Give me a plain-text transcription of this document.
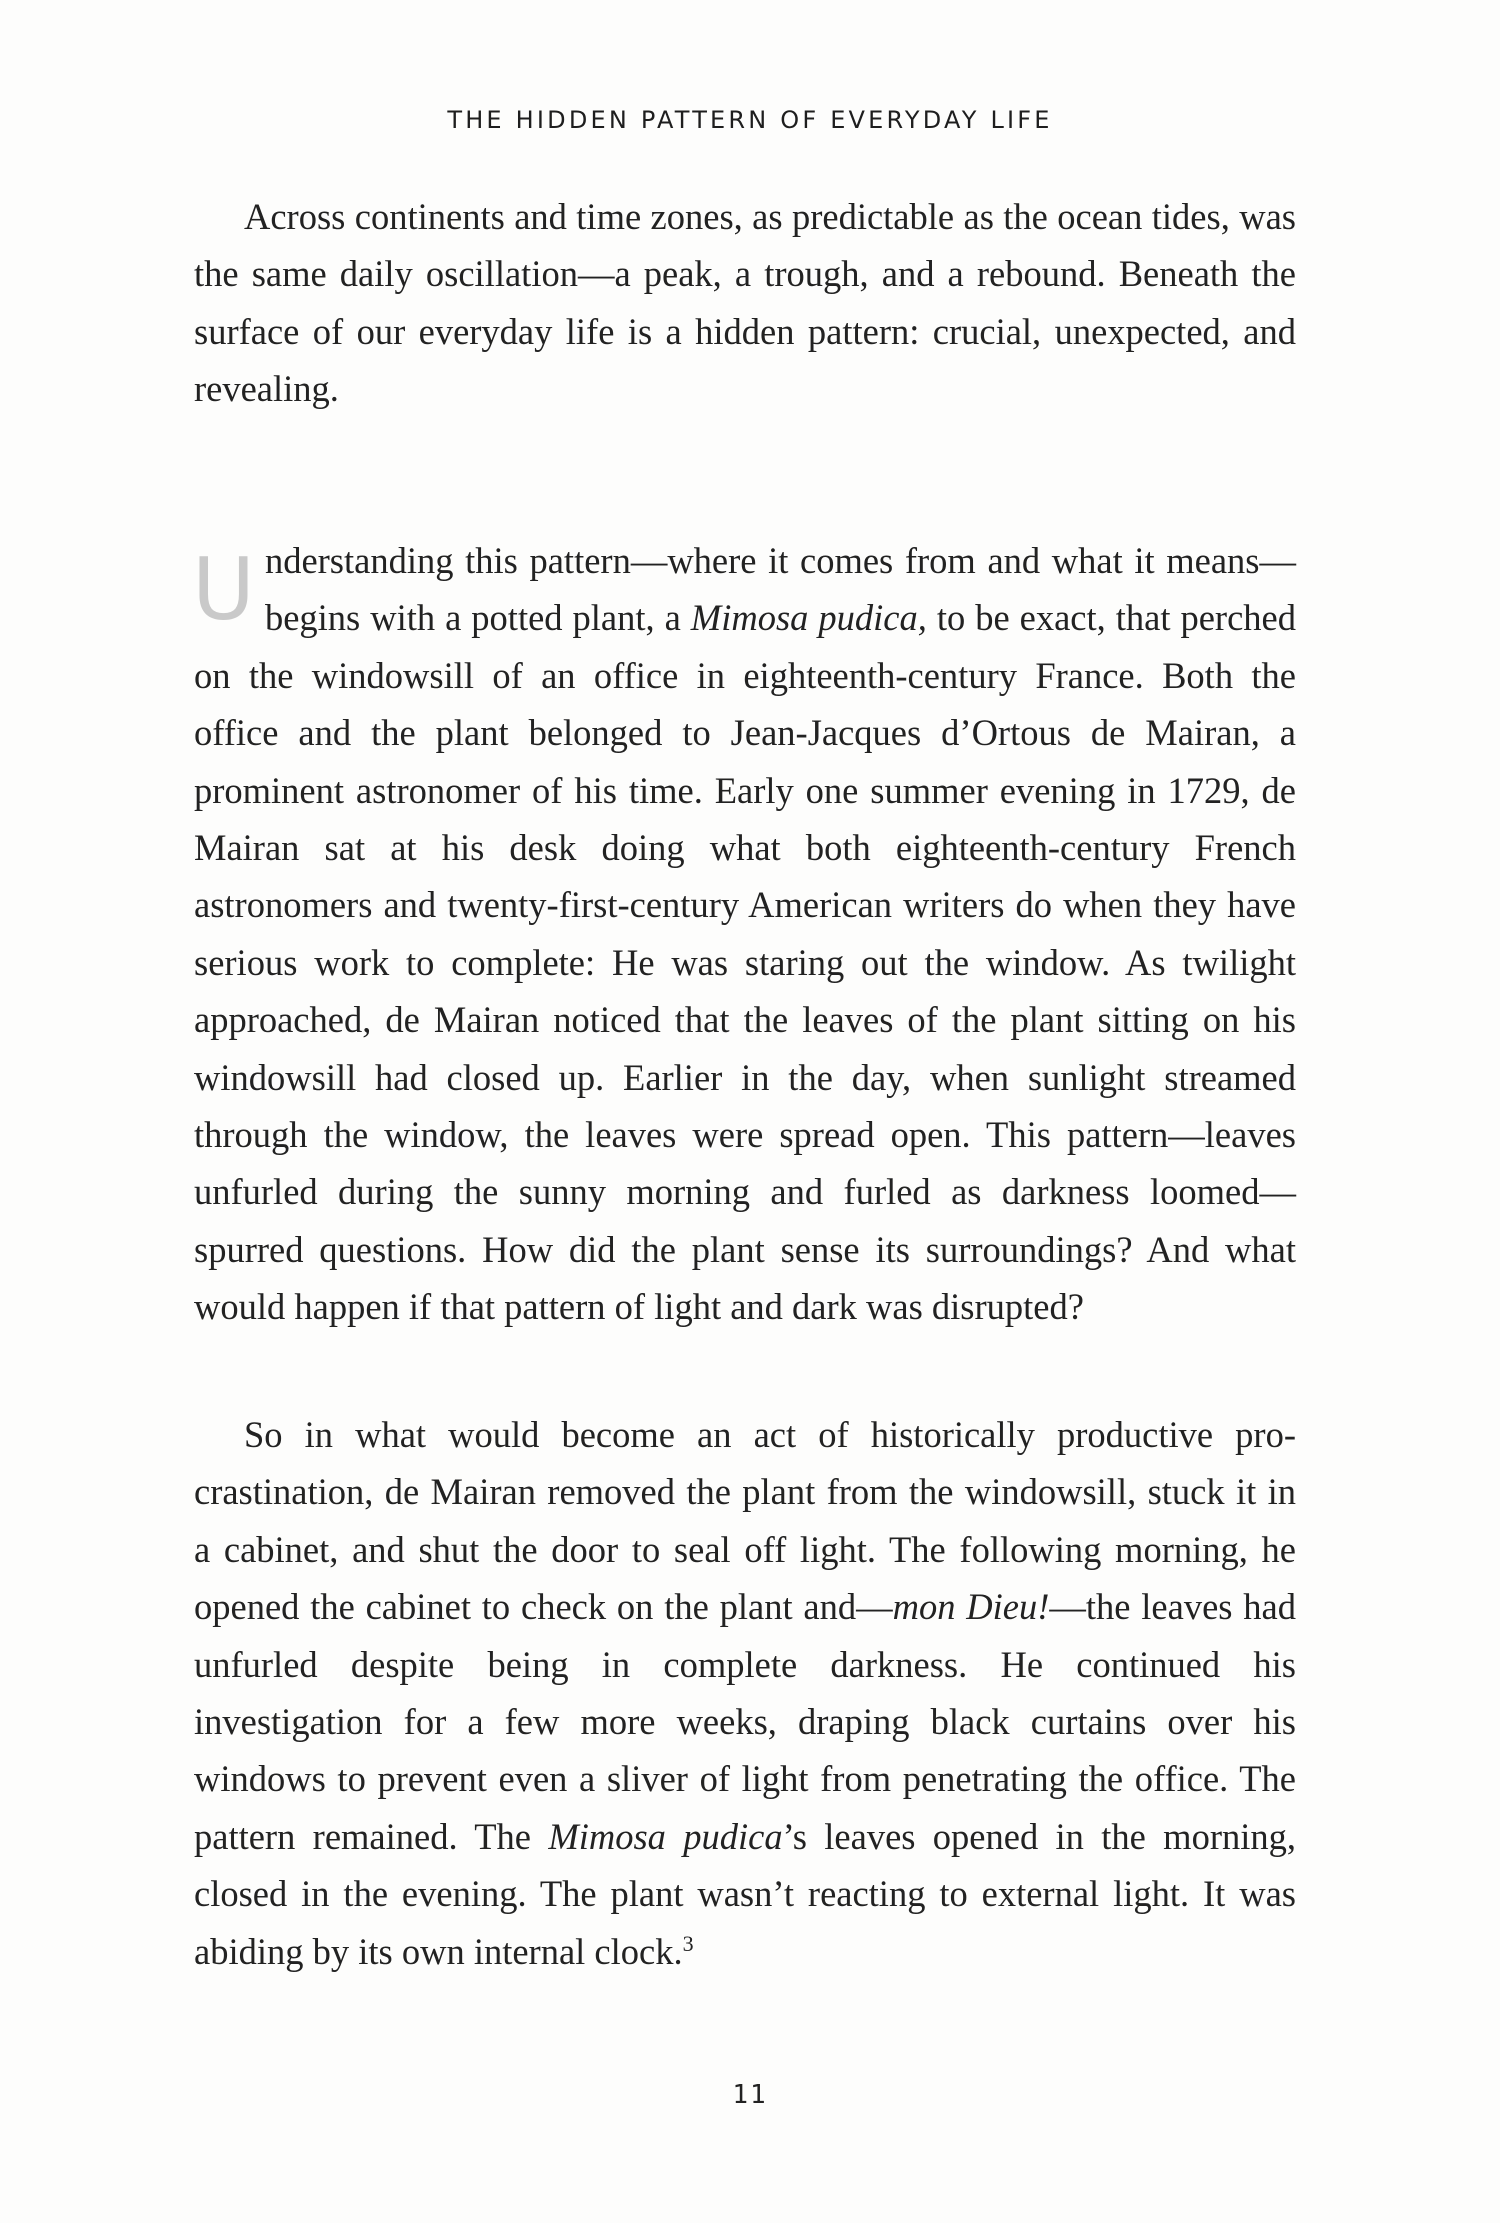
THE HIDDEN PATTERN OF EVERYDAY LIFE

Across continents and time zones, as predictable as the ocean tides, was the same daily oscillation—a peak, a trough, and a rebound. Beneath the surface of our everyday life is a hidden pattern: crucial, unexpected, and revealing.

Understanding this pattern—where it comes from and what it means—begins with a potted plant, a Mimosa pudica, to be exact, that perched on the windowsill of an office in eighteenth-century France. Both the office and the plant belonged to Jean-Jacques d’Ortous de Mairan, a prominent astronomer of his time. Early one summer evening in 1729, de Mairan sat at his desk doing what both eighteenth-century French astronomers and twenty-first-century American writers do when they have serious work to complete: He was staring out the window. As twilight approached, de Mairan noticed that the leaves of the plant sitting on his windowsill had closed up. Earlier in the day, when sunlight streamed through the window, the leaves were spread open. This pattern—leaves unfurled during the sunny morning and furled as darkness loomed—spurred questions. How did the plant sense its surroundings? And what would happen if that pattern of light and dark was disrupted?

So in what would become an act of historically productive procrastination, de Mairan removed the plant from the windowsill, stuck it in a cabinet, and shut the door to seal off light. The following morning, he opened the cabinet to check on the plant and—mon Dieu!—the leaves had unfurled despite being in complete darkness. He continued his investigation for a few more weeks, draping black curtains over his windows to prevent even a sliver of light from penetrating the office. The pattern remained. The Mimosa pudica’s leaves opened in the morning, closed in the evening. The plant wasn’t reacting to external light. It was abiding by its own internal clock.$^3$

11
